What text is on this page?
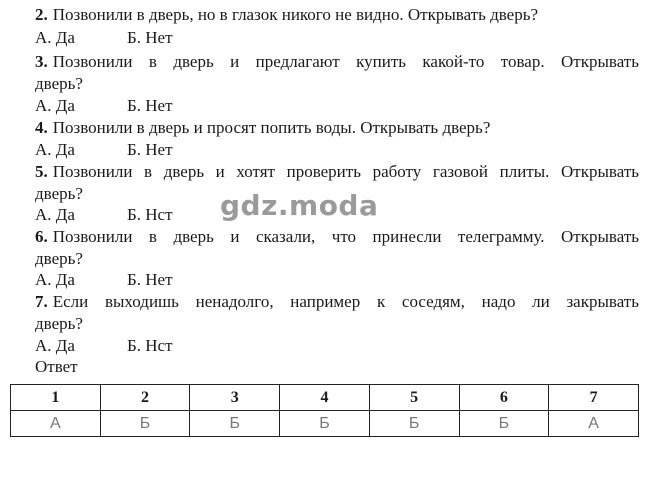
2. Позвонили в дверь, но в глазок никого не видно. Открывать дверь?
А. Да	Б. Нет
3. Позвонили в дверь и предлагают купить какой-то товар. Открывать
дверь?
А. Да	Б. Нет
4. Позвонили в дверь и просят попить воды. Открывать дверь?
А. Да	Б. Нет
5. Позвонили в дверь и хотят проверить работу газовой плиты. Открывать
дверь?
А. Да	Б. Нст
6. Позвонили в дверь и сказали, что принесли телеграмму. Открывать
дверь?
А. Да	Б. Нет
7. Если выходишь ненадолго, например к соседям, надо ли закрывать
дверь?
А. Да	Б. Нст
Ответ
gdz.moda
1	2	3	4	5	6	7
А	Б	Б	Б	Б	Б	А
